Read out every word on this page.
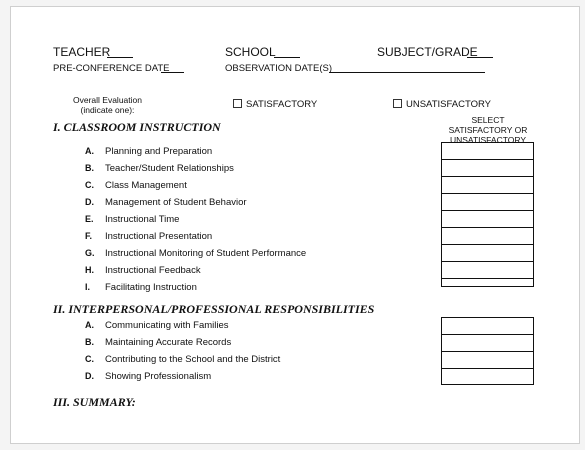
TEACHER	SCHOOL	SUBJECT/GRADE
PRE-CONFERENCE DATE	OBSERVATION DATE(S)
Overall Evaluation
(indicate one):	SATISFACTORY	UNSATISFACTORY
SELECT
SATISFACTORY OR
UNSATISFACTORY
I. CLASSROOM INSTRUCTION
A. Planning and Preparation
B. Teacher/Student Relationships
C. Class Management
D. Management of Student Behavior
E. Instructional Time
F. Instructional Presentation
G. Instructional Monitoring of Student Performance
H. Instructional Feedback
I. Facilitating Instruction
II. INTERPERSONAL/PROFESSIONAL RESPONSIBILITIES
A. Communicating with Families
B. Maintaining Accurate Records
C. Contributing to the School and the District
D. Showing Professionalism
III. SUMMARY:
